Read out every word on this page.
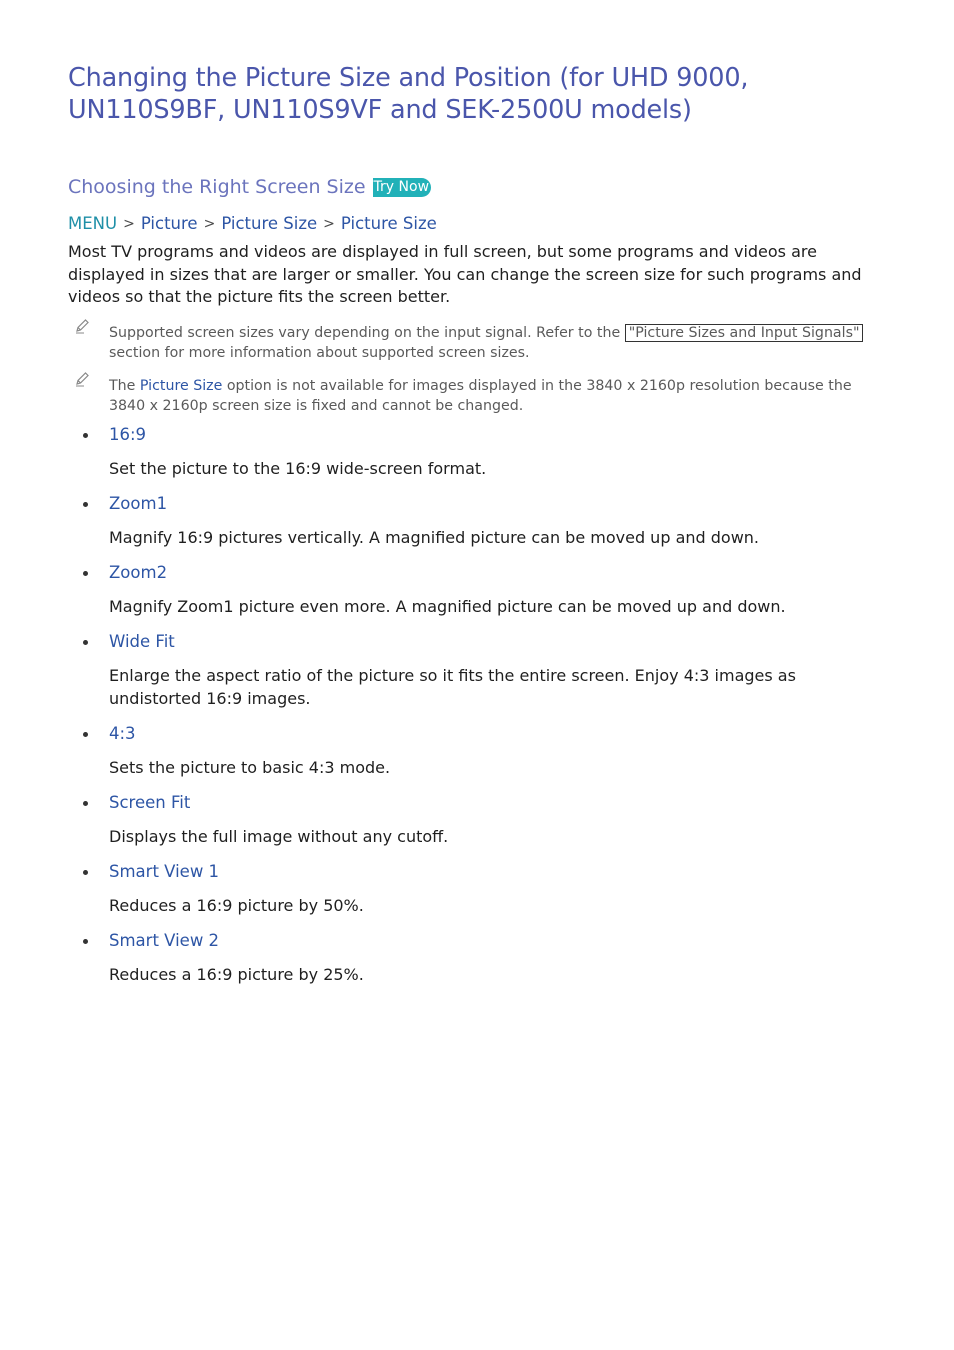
Changing the Picture Size and Position (for UHD 9000, UN110S9BF, UN110S9VF and SEK-2500U models)
Choosing the Right Screen Size Try Now
MENU > Picture > Picture Size > Picture Size

Most TV programs and videos are displayed in full screen, but some programs and videos are displayed in sizes that are larger or smaller. You can change the screen size for such programs and videos so that the picture fits the screen better.

Supported screen sizes vary depending on the input signal. Refer to the "Picture Sizes and Input Signals" section for more information about supported screen sizes.
The Picture Size option is not available for images displayed in the 3840 x 2160p resolution because the 3840 x 2160p screen size is fixed and cannot be changed.
16:9
Set the picture to the 16:9 wide-screen format.
Zoom1
Magnify 16:9 pictures vertically. A magnified picture can be moved up and down.
Zoom2
Magnify Zoom1 picture even more. A magnified picture can be moved up and down.
Wide Fit
Enlarge the aspect ratio of the picture so it fits the entire screen. Enjoy 4:3 images as undistorted 16:9 images.
4:3
Sets the picture to basic 4:3 mode.
Screen Fit
Displays the full image without any cutoff.
Smart View 1
Reduces a 16:9 picture by 50%.
Smart View 2
Reduces a 16:9 picture by 25%.
